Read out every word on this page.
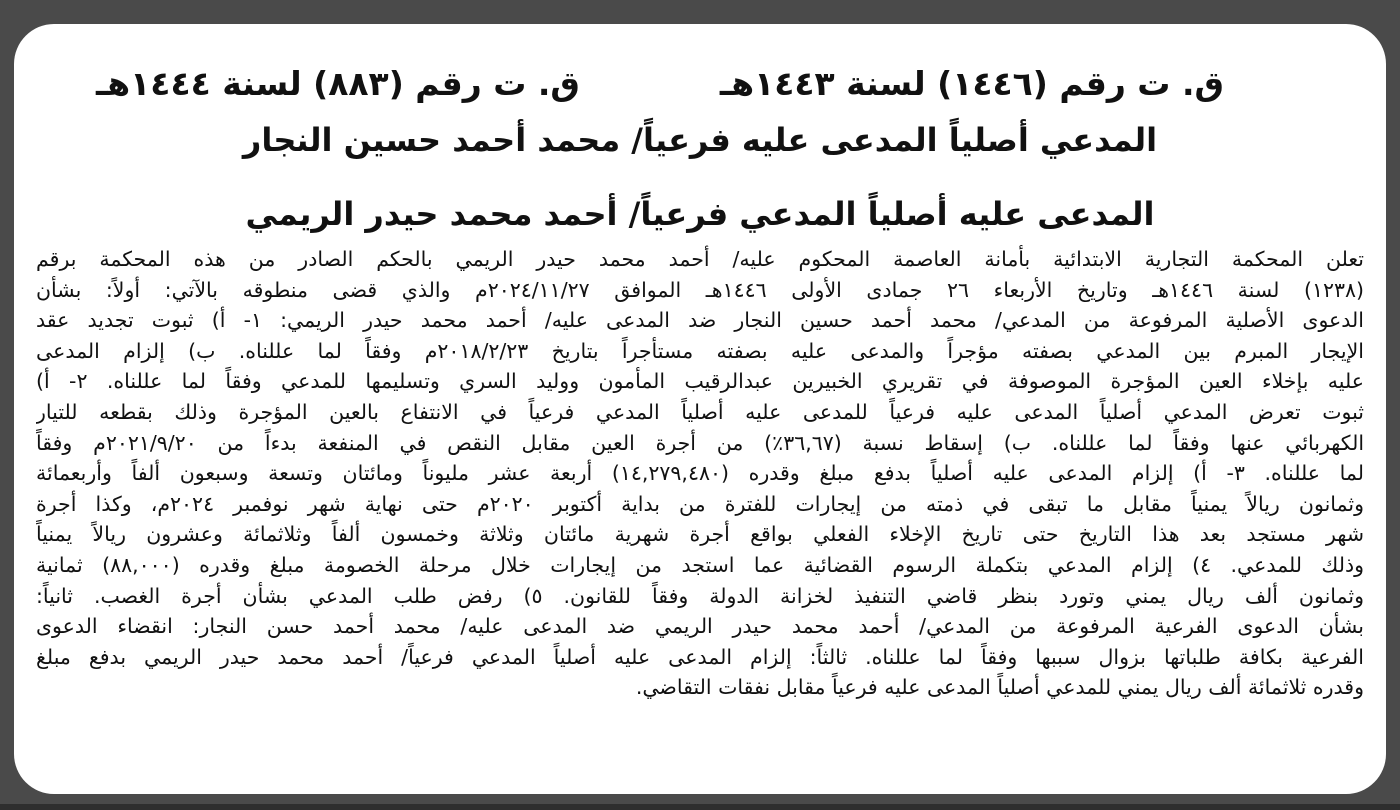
ق. ت رقم (١٤٤٦) لسنة ١٤٤٣هـ
ق. ت رقم (٨٨٣) لسنة ١٤٤٤هـ
المدعي أصلياً المدعى عليه فرعياً/ محمد أحمد حسين النجار
المدعى عليه أصلياً المدعي فرعياً/ أحمد محمد حيدر الريمي
تعلن المحكمة التجارية الابتدائية بأمانة العاصمة المحكوم عليه/ أحمد محمد حيدر الريمي بالحكم الصادر من هذه المحكمة برقم
(١٢٣٨) لسنة ١٤٤٦هـ وتاريخ الأربعاء ٢٦ جمادى الأولى ١٤٤٦هـ الموافق ٢٠٢٤/١١/٢٧م والذي قضى منطوقه بالآتي: أولاً: بشأن
الدعوى الأصلية المرفوعة من المدعي/ محمد أحمد حسين النجار ضد المدعى عليه/ أحمد محمد حيدر الريمي: ١- أ) ثبوت تجديد عقد
الإيجار المبرم بين المدعي بصفته مؤجراً والمدعى عليه بصفته مستأجراً بتاريخ ٢٠١٨/٢/٢٣م وفقاً لما عللناه. ب) إلزام المدعى
عليه بإخلاء العين المؤجرة الموصوفة في تقريري الخبيرين عبدالرقيب المأمون ووليد السري وتسليمها للمدعي وفقاً لما عللناه. ٢- أ)
ثبوت تعرض المدعي أصلياً المدعى عليه فرعياً للمدعى عليه أصلياً المدعي فرعياً في الانتفاع بالعين المؤجرة وذلك بقطعه للتيار
الكهربائي عنها وفقاً لما عللناه. ب) إسقاط نسبة (٣٦,٦٧٪) من أجرة العين مقابل النقص في المنفعة بدءاً من ٢٠٢١/٩/٢٠م وفقاً
لما عللناه. ٣- أ) إلزام المدعى عليه أصلياً بدفع مبلغ وقدره (١٤,٢٧٩,٤٨٠) أربعة عشر مليوناً ومائتان وتسعة وسبعون ألفاً وأربعمائة
وثمانون ريالاً يمنياً مقابل ما تبقى في ذمته من إيجارات للفترة من بداية أكتوبر ٢٠٢٠م حتى نهاية شهر نوفمبر ٢٠٢٤م، وكذا أجرة
شهر مستجد بعد هذا التاريخ حتى تاريخ الإخلاء الفعلي بواقع أجرة شهرية مائتان وثلاثة وخمسون ألفاً وثلاثمائة وعشرون ريالاً يمنياً
وذلك للمدعي. ٤) إلزام المدعي بتكملة الرسوم القضائية عما استجد من إيجارات خلال مرحلة الخصومة مبلغ وقدره (٨٨,٠٠٠) ثمانية
وثمانون ألف ريال يمني وتورد بنظر قاضي التنفيذ لخزانة الدولة وفقاً للقانون. ٥) رفض طلب المدعي بشأن أجرة الغصب. ثانياً:
بشأن الدعوى الفرعية المرفوعة من المدعي/ أحمد محمد حيدر الريمي ضد المدعى عليه/ محمد أحمد حسن النجار: انقضاء الدعوى
الفرعية بكافة طلباتها بزوال سببها وفقاً لما عللناه. ثالثاً: إلزام المدعى عليه أصلياً المدعي فرعياً/ أحمد محمد حيدر الريمي بدفع مبلغ
وقدره ثلاثمائة ألف ريال يمني للمدعي أصلياً المدعى عليه فرعياً مقابل نفقات التقاضي.
